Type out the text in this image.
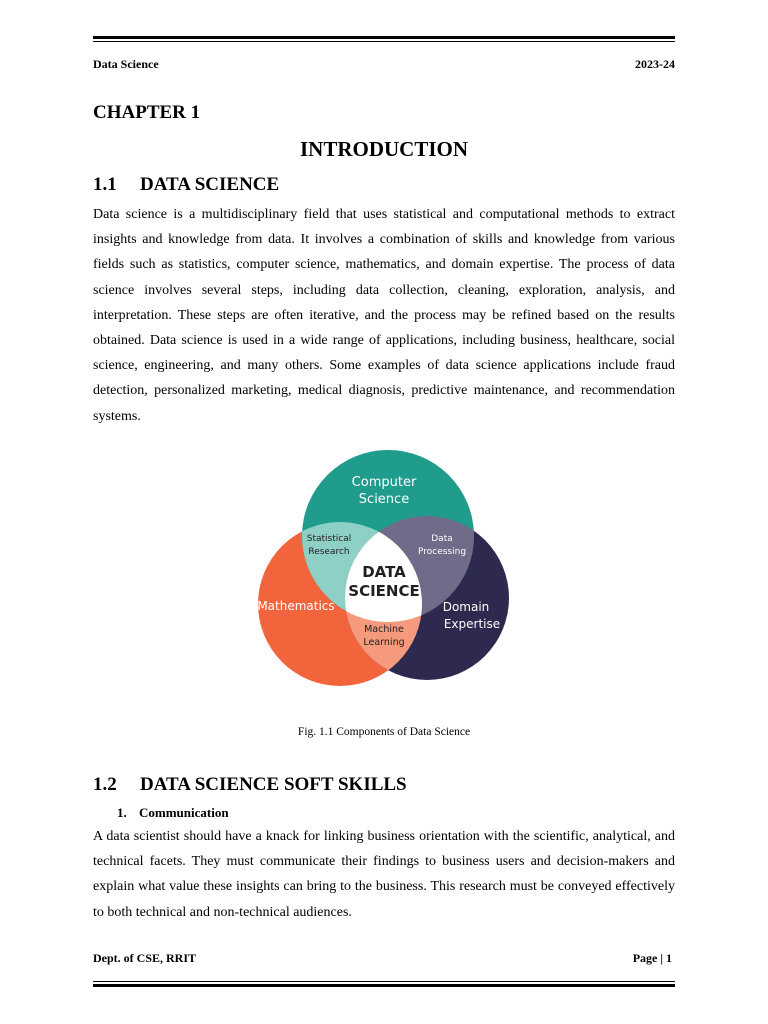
Data Science	2023-24
CHAPTER 1
INTRODUCTION
1.1 DATA SCIENCE

Data science is a multidisciplinary field that uses statistical and computational methods to extract insights and knowledge from data. It involves a combination of skills and knowledge from various fields such as statistics, computer science, mathematics, and domain expertise. The process of data science involves several steps, including data collection, cleaning, exploration, analysis, and interpretation. These steps are often iterative, and the process may be refined based on the results obtained. Data science is used in a wide range of applications, including business, healthcare, social science, engineering, and many others. Some examples of data science applications include fraud detection, personalized marketing, medical diagnosis, predictive maintenance, and recommendation systems.

Computer
Science
Mathematics	Domain
Expertise
Statistical
Research
Data
Processing
Machine
Learning
DATA
SCIENCE

Fig. 1.1 Components of Data Science

1.2 DATA SCIENCE SOFT SKILLS
1. Communication

A data scientist should have a knack for linking business orientation with the scientific, analytical, and technical facets. They must communicate their findings to business users and decision-makers and explain what value these insights can bring to the business. This research must be conveyed effectively to both technical and non-technical audiences.

Dept. of CSE, RRIT	Page | 1
